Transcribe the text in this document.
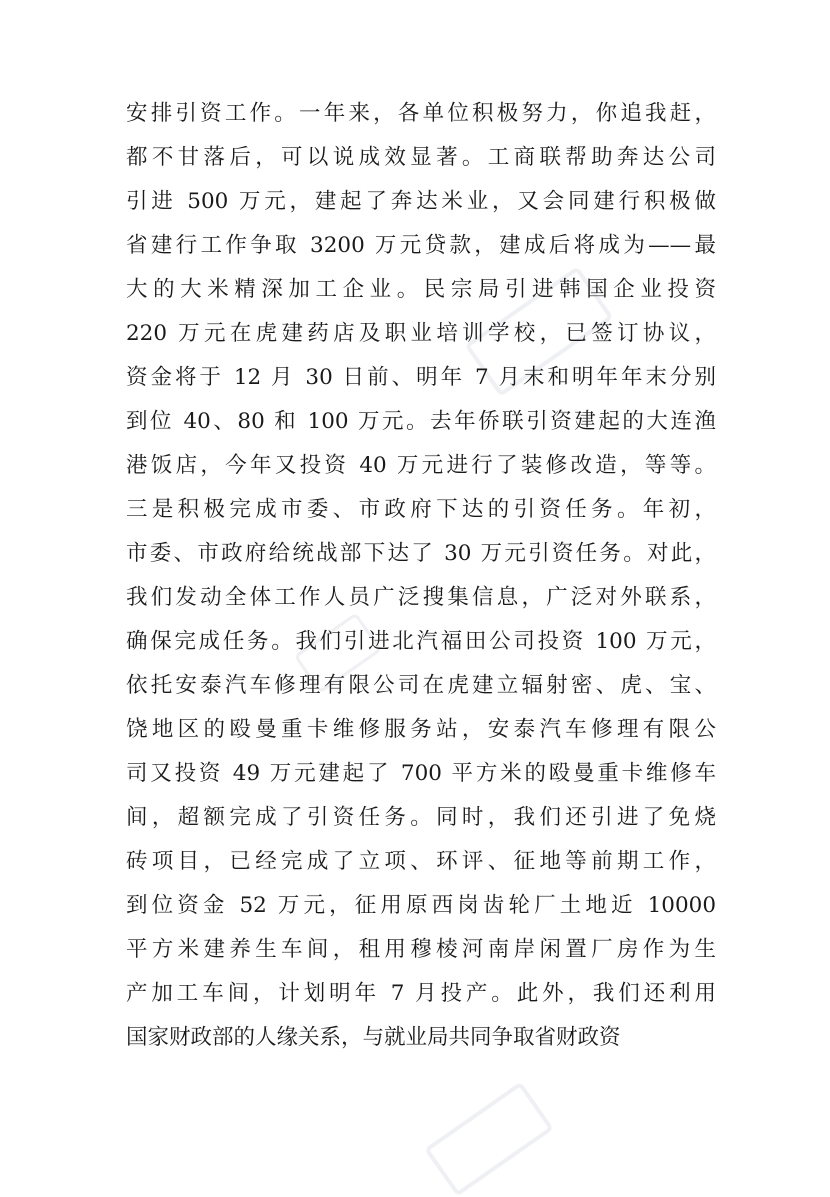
安排引资工作。一年来，各单位积极努力，你追我赶，
都不甘落后，可以说成效显著。工商联帮助奔达公司
引进 500 万元，建起了奔达米业，又会同建行积极做
省建行工作争取 3200 万元贷款，建成后将成为——最
大的大米精深加工企业。民宗局引进韩国企业投资
220 万元在虎建药店及职业培训学校，已签订协议，
资金将于 12 月 30 日前、明年 7 月末和明年年末分别
到位 40、80 和 100 万元。去年侨联引资建起的大连渔
港饭店，今年又投资 40 万元进行了装修改造，等等。
三是积极完成市委、市政府下达的引资任务。年初，
市委、市政府给统战部下达了 30 万元引资任务。对此，
我们发动全体工作人员广泛搜集信息，广泛对外联系，
确保完成任务。我们引进北汽福田公司投资 100 万元，
依托安泰汽车修理有限公司在虎建立辐射密、虎、宝、
饶地区的殴曼重卡维修服务站，安泰汽车修理有限公
司又投资 49 万元建起了 700 平方米的殴曼重卡维修车
间，超额完成了引资任务。同时，我们还引进了免烧
砖项目，已经完成了立项、环评、征地等前期工作，
到位资金 52 万元，征用原西岗齿轮厂土地近 10000
平方米建养生车间，租用穆棱河南岸闲置厂房作为生
产加工车间，计划明年 7 月投产。此外，我们还利用
国家财政部的人缘关系，与就业局共同争取省财政资
